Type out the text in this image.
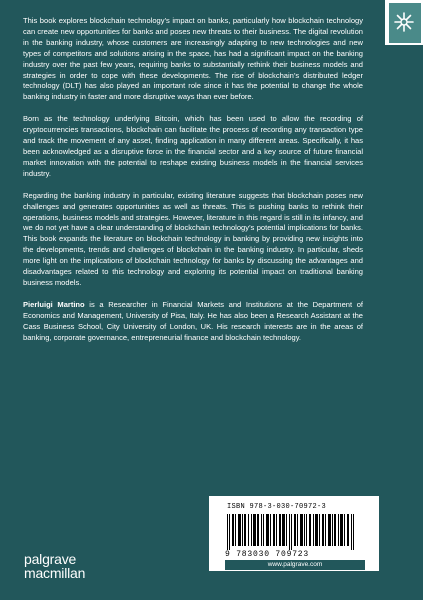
This book explores blockchain technology’s impact on banks, particularly how blockchain technology can create new opportunities for banks and poses new threats to their business. The digital revolution in the banking industry, whose customers are increasingly adapting to new technologies and new types of competitors and solutions arising in the space, has had a significant impact on the banking industry over the past few years, requiring banks to substantially rethink their business models and strategies in order to cope with these developments. The rise of blockchain’s distributed ledger technology (DLT) has also played an important role since it has the potential to change the whole banking industry in faster and more disruptive ways than ever before.

Born as the technology underlying Bitcoin, which has been used to allow the recording of cryptocurrencies transactions, blockchain can facilitate the process of recording any transaction type and track the movement of any asset, finding application in many different areas. Specifically, it has been acknowledged as a disruptive force in the financial sector and a key source of future financial market innovation with the potential to reshape existing business models in the financial services industry.

Regarding the banking industry in particular, existing literature suggests that blockchain poses new challenges and generates opportunities as well as threats. This is pushing banks to rethink their operations, business models and strategies. However, literature in this regard is still in its infancy, and we do not yet have a clear understanding of blockchain technology’s potential implications for banks. This book expands the literature on blockchain technology in banking by providing new insights into the developments, trends and challenges of blockchain in the banking industry. In particular, sheds more light on the implications of blockchain technology for banks by discussing the advantages and disadvantages related to this technology and exploring its potential impact on traditional banking business models.

Pierluigi Martino is a Researcher in Financial Markets and Institutions at the Department of Economics and Management, University of Pisa, Italy. He has also been a Research Assistant at the Cass Business School, City University of London, UK. His research interests are in the areas of banking, corporate governance, entrepreneurial finance and blockchain technology.

ISBN 978-3-030-70972-3
9 783030 709723
www.palgrave.com
palgrave
macmillan
